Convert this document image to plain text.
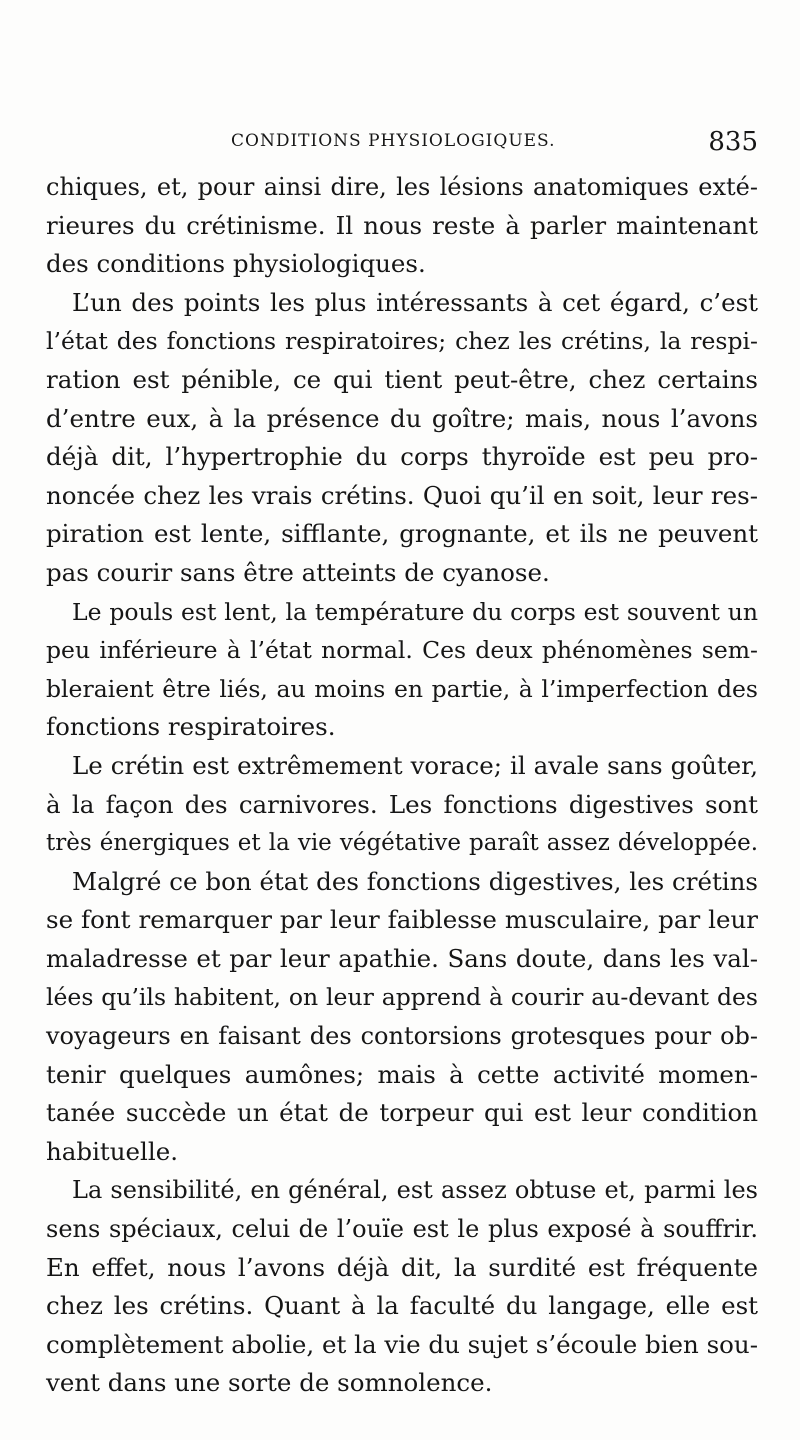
CONDITIONS PHYSIOLOGIQUES.	835
chiques, et, pour ainsi dire, les lésions anatomiques exté-
rieures du crétinisme. Il nous reste à parler maintenant
des conditions physiologiques.
L’un des points les plus intéressants à cet égard, c’est
l’état des fonctions respiratoires; chez les crétins, la respi-
ration est pénible, ce qui tient peut-être, chez certains
d’entre eux, à la présence du goître; mais, nous l’avons
déjà dit, l’hypertrophie du corps thyroïde est peu pro-
noncée chez les vrais crétins. Quoi qu’il en soit, leur res-
piration est lente, sifflante, grognante, et ils ne peuvent
pas courir sans être atteints de cyanose.
Le pouls est lent, la température du corps est souvent un
peu inférieure à l’état normal. Ces deux phénomènes sem-
bleraient être liés, au moins en partie, à l’imperfection des
fonctions respiratoires.
Le crétin est extrêmement vorace; il avale sans goûter,
à la façon des carnivores. Les fonctions digestives sont
très énergiques et la vie végétative paraît assez développée.
Malgré ce bon état des fonctions digestives, les crétins
se font remarquer par leur faiblesse musculaire, par leur
maladresse et par leur apathie. Sans doute, dans les val-
lées qu’ils habitent, on leur apprend à courir au-devant des
voyageurs en faisant des contorsions grotesques pour ob-
tenir quelques aumônes; mais à cette activité momen-
tanée succède un état de torpeur qui est leur condition
habituelle.
La sensibilité, en général, est assez obtuse et, parmi les
sens spéciaux, celui de l’ouïe est le plus exposé à souffrir.
En effet, nous l’avons déjà dit, la surdité est fréquente
chez les crétins. Quant à la faculté du langage, elle est
complètement abolie, et la vie du sujet s’écoule bien sou-
vent dans une sorte de somnolence.
